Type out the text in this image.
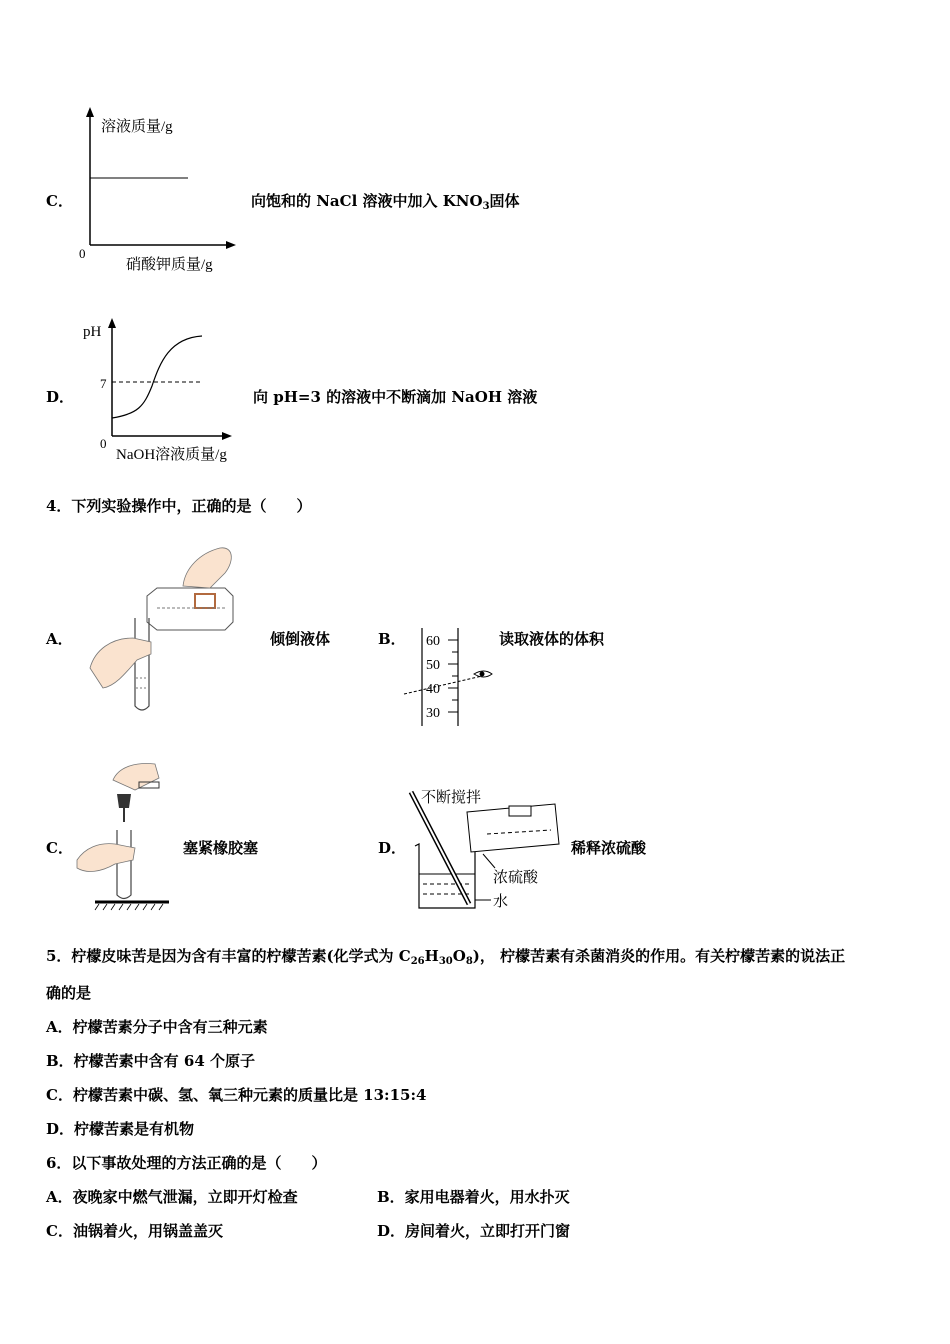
C．
溶液质量/g
0
硝酸钾质量/g
向饱和的 NaCl 溶液中加入 $KNO_3$固体
D．
pH
7
0
NaOH溶液质量/g
向 pH=3 的溶液中不断滴加 NaOH 溶液
4．下列实验操作中，正确的是（　　）
A．	倾倒液体	B． 60
50
40
30
读取液体的体积
C．	塞紧橡胶塞	D．
不断搅拌
浓硫酸
水
稀释浓硫酸
5．柠檬皮味苦是因为含有丰富的柠檬苦素(化学式为 $C_{26}H_{30}O_8$)， 柠檬苦素有杀菌消炎的作用。有关柠檬苦素的说法正
确的是
A．柠檬苦素分子中含有三种元素
B．柠檬苦素中含有 64 个原子
C．柠檬苦素中碳、氢、氧三种元素的质量比是 13:15:4
D．柠檬苦素是有机物
6．以下事故处理的方法正确的是（　　）
A．夜晚家中燃气泄漏，立即开灯检查	B．家用电器着火，用水扑灭
C．油锅着火，用锅盖盖灭	D．房间着火，立即打开门窗
